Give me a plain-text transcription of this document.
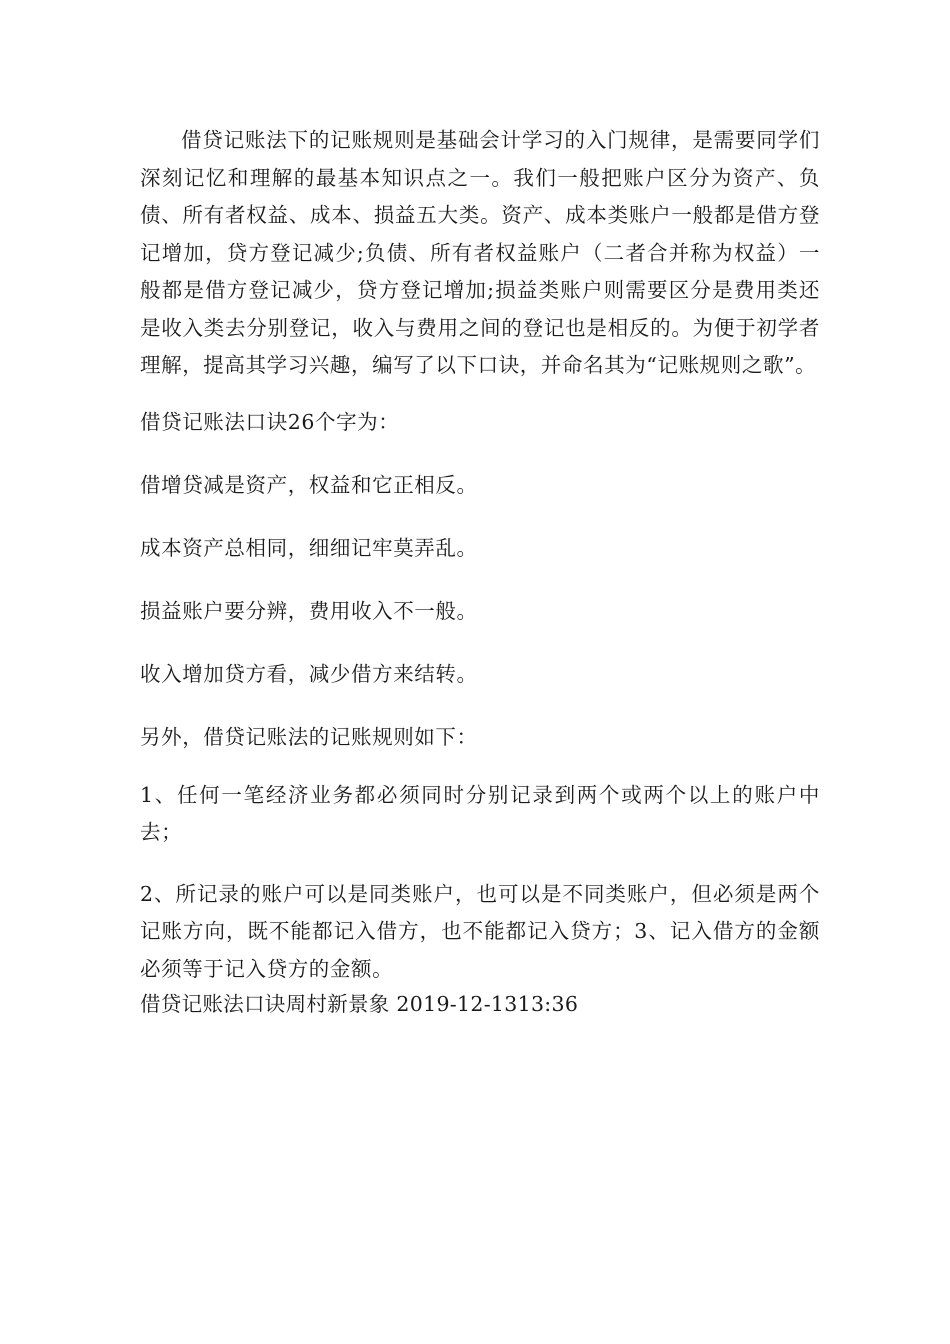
借贷记账法下的记账规则是基础会计学习的入门规律，是需要同学们深刻记忆和理解的最基本知识点之一。我们一般把账户区分为资产、负债、所有者权益、成本、损益五大类。资产、成本类账户一般都是借方登记增加，贷方登记减少;负债、所有者权益账户（二者合并称为权益）一般都是借方登记减少，贷方登记增加;损益类账户则需要区分是费用类还是收入类去分别登记，收入与费用之间的登记也是相反的。为便于初学者理解，提高其学习兴趣，编写了以下口诀，并命名其为“记账规则之歌”。

借贷记账法口诀26个字为：

借增贷减是资产，权益和它正相反。

成本资产总相同，细细记牢莫弄乱。

损益账户要分辨，费用收入不一般。

收入增加贷方看，减少借方来结转。

另外，借贷记账法的记账规则如下：

1、任何一笔经济业务都必须同时分别记录到两个或两个以上的账户中去；

2、所记录的账户可以是同类账户，也可以是不同类账户，但必须是两个记账方向，既不能都记入借方，也不能都记入贷方；3、记入借方的金额必须等于记入贷方的金额。

借贷记账法口诀周村新景象 2019-12-1313:36
